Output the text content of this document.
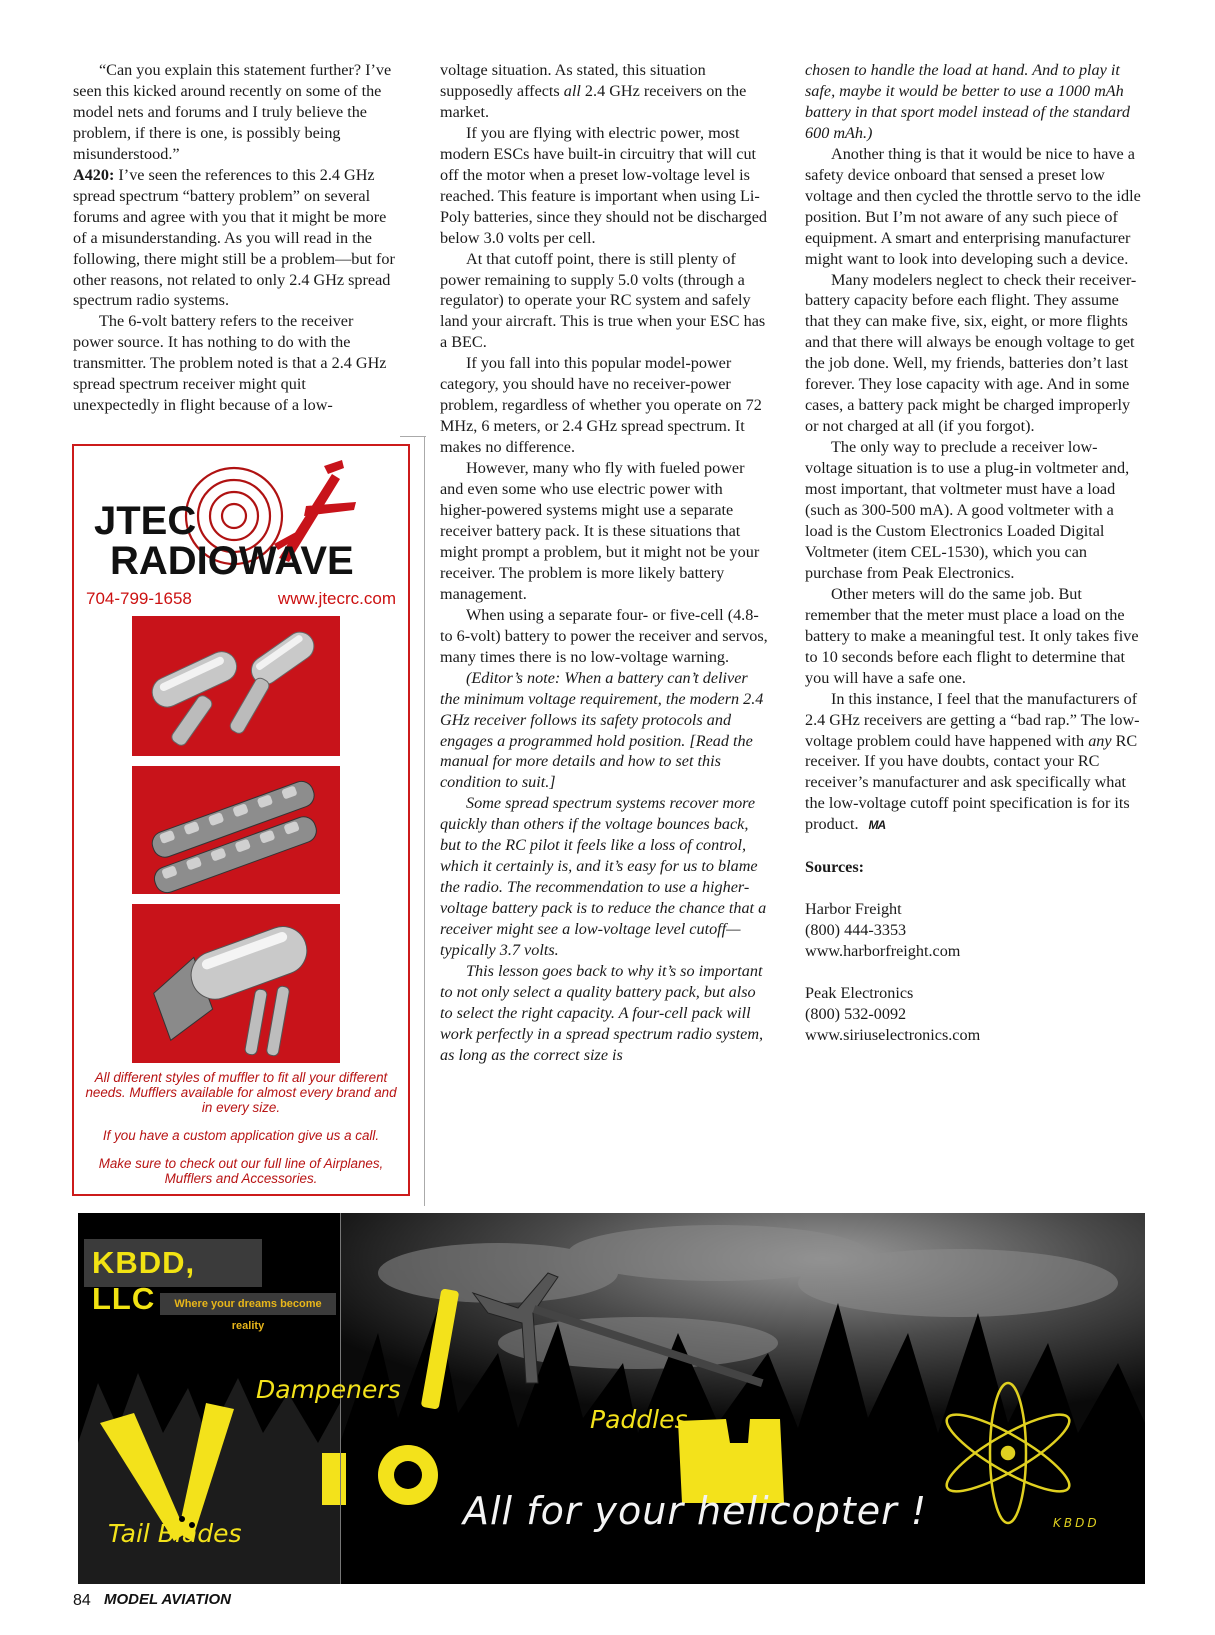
“Can you explain this statement further? I’ve seen this kicked around recently on some of the model nets and forums and I truly believe the problem, if there is one, is possibly being misunderstood.”

A420: I’ve seen the references to this 2.4 GHz spread spectrum “battery problem” on several forums and agree with you that it might be more of a misunderstanding. As you will read in the following, there might still be a problem—but for other reasons, not related to only 2.4 GHz spread spectrum radio systems.

The 6-volt battery refers to the receiver power source. It has nothing to do with the transmitter. The problem noted is that a 2.4 GHz spread spectrum receiver might quit unexpectedly in flight because of a low-

voltage situation. As stated, this situation supposedly affects all 2.4 GHz receivers on the market.

If you are flying with electric power, most modern ESCs have built-in circuitry that will cut off the motor when a preset low-voltage level is reached. This feature is important when using Li-Poly batteries, since they should not be discharged below 3.0 volts per cell.

At that cutoff point, there is still plenty of power remaining to supply 5.0 volts (through a regulator) to operate your RC system and safely land your aircraft. This is true when your ESC has a BEC.

If you fall into this popular model-power category, you should have no receiver-power problem, regardless of whether you operate on 72 MHz, 6 meters, or 2.4 GHz spread spectrum. It makes no difference.

However, many who fly with fueled power and even some who use electric power with higher-powered systems might use a separate receiver battery pack. It is these situations that might prompt a problem, but it might not be your receiver. The problem is more likely battery management.

When using a separate four- or five-cell (4.8- to 6-volt) battery to power the receiver and servos, many times there is no low-voltage warning.

(Editor’s note: When a battery can’t deliver the minimum voltage requirement, the modern 2.4 GHz receiver follows its safety protocols and engages a programmed hold position. [Read the manual for more details and how to set this condition to suit.]

Some spread spectrum systems recover more quickly than others if the voltage bounces back, but to the RC pilot it feels like a loss of control, which it certainly is, and it’s easy for us to blame the radio. The recommendation to use a higher-voltage battery pack is to reduce the chance that a receiver might see a low-voltage level cutoff—typically 3.7 volts.

This lesson goes back to why it’s so important to not only select a quality battery pack, but also to select the right capacity. A four-cell pack will work perfectly in a spread spectrum radio system, as long as the correct size is

chosen to handle the load at hand. And to play it safe, maybe it would be better to use a 1000 mAh battery in that sport model instead of the standard 600 mAh.)

Another thing is that it would be nice to have a safety device onboard that sensed a preset low voltage and then cycled the throttle servo to the idle position. But I’m not aware of any such piece of equipment. A smart and enterprising manufacturer might want to look into developing such a device.

Many modelers neglect to check their receiver-battery capacity before each flight. They assume that they can make five, six, eight, or more flights and that there will always be enough voltage to get the job done. Well, my friends, batteries don’t last forever. They lose capacity with age. And in some cases, a battery pack might be charged improperly or not charged at all (if you forgot).

The only way to preclude a receiver low-voltage situation is to use a plug-in voltmeter and, most important, that voltmeter must have a load (such as 300-500 mA). A good voltmeter with a load is the Custom Electronics Loaded Digital Voltmeter (item CEL-1530), which you can purchase from Peak Electronics.

Other meters will do the same job. But remember that the meter must place a load on the battery to make a meaningful test. It only takes five to 10 seconds before each flight to determine that you will have a safe one.

In this instance, I feel that the manufacturers of 2.4 GHz receivers are getting a “bad rap.” The low-voltage problem could have happened with any RC receiver. If you have doubts, contact your RC receiver’s manufacturer and ask specifically what the low-voltage cutoff point specification is for its product. MA

Sources:

Harbor Freight

(800) 444-3353

www.harborfreight.com

Peak Electronics

(800) 532-0092

www.siriuselectronics.com

JTEC
RADIOWAVE
704-799-1658	www.jtecrc.com
All different styles of muffler to fit all your different needs. Mufflers available for almost every brand and in every size.
If you have a custom application give us a call.
Make sure to check out our full line of Airplanes, Mufflers and Accessories.
KBDD, LLC	Where your dreams become reality
Dampeners
Paddles
Tail Blades
All for your helicopter !	KBDD
84 MODEL AVIATION
